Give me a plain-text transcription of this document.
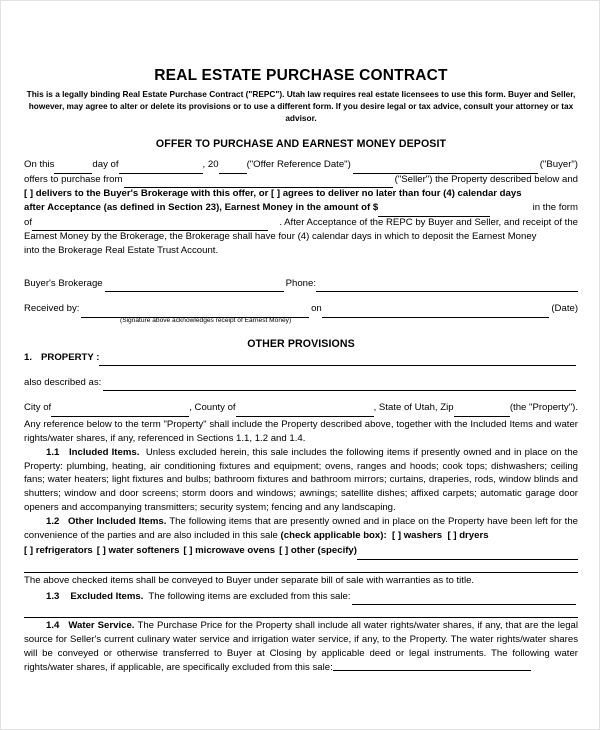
REAL ESTATE PURCHASE CONTRACT
This is a legally binding Real Estate Purchase Contract ("REPC"). Utah law requires real estate licensees to use this form. Buyer and Seller, however, may agree to alter or delete its provisions or to use a different form. If you desire legal or tax advice, consult your attorney or tax advisor.
OFFER TO PURCHASE AND EARNEST MONEY DEPOSIT
On this	day of	, 20	("Offer Reference Date")	("Buyer")
offers to purchase from	("Seller") the Property described below and

[ ] delivers to the Buyer's Brokerage with this offer, or [ ] agrees to deliver no later than four (4) calendar days

after Acceptance (as defined in Section 23), Earnest Money in the amount of $	in the form
of	. After Acceptance of the REPC by Buyer and Seller, and receipt of the

Earnest Money by the Brokerage, the Brokerage shall have four (4) calendar days in which to deposit the Earnest Money

into the Brokerage Real Estate Trust Account.

Buyer's Brokerage	Phone:
Received by:	on	(Date)
(Signature above acknowledges receipt of Earnest Money)
OTHER PROVISIONS
1. PROPERTY :
also described as:
City of	, County of	, State of Utah, Zip	(the "Property").

Any reference below to the term "Property" shall include the Property described above, together with the Included Items and water rights/water shares, if any, referenced in Sections 1.1, 1.2 and 1.4.

1.1 Included Items. Unless excluded herein, this sale includes the following items if presently owned and in place on the Property: plumbing, heating, air conditioning fixtures and equipment; ovens, ranges and hoods; cook tops; dishwashers; ceiling fans; water heaters; light fixtures and bulbs; bathroom fixtures and bathroom mirrors; curtains, draperies, rods, window blinds and shutters; window and door screens; storm doors and windows; awnings; satellite dishes; affixed carpets; automatic garage door openers and accompanying transmitters; security system; fencing and any landscaping.

1.2 Other Included Items. The following items that are presently owned and in place on the Property have been left for the convenience of the parties and are also included in this sale (check applicable box): [ ] washers [ ] dryers

[ ] refrigerators [ ] water softeners [ ] microwave ovens [ ] other (specify)

The above checked items shall be conveyed to Buyer under separate bill of sale with warranties as to title.

1.3 Excluded Items. The following items are excluded from this sale:

1.4 Water Service. The Purchase Price for the Property shall include all water rights/water shares, if any, that are the legal source for Seller's current culinary water service and irrigation water service, if any, to the Property. The water rights/water shares will be conveyed or otherwise transferred to Buyer at Closing by applicable deed or legal instruments. The following water rights/water shares, if applicable, are specifically excluded from this sale:
